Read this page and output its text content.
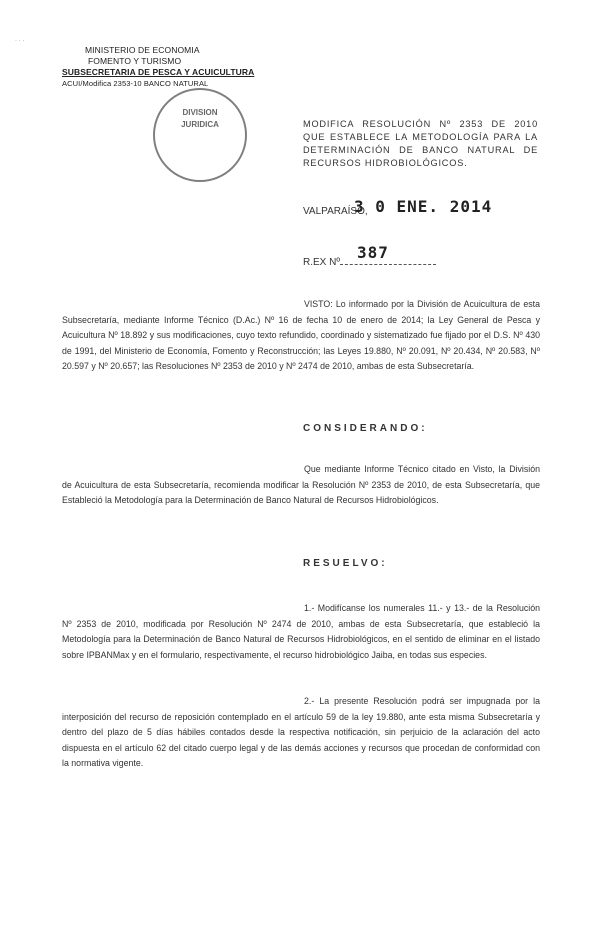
· · ·
MINISTERIO DE ECONOMIA
FOMENTO Y TURISMO
SUBSECRETARIA DE PESCA Y ACUICULTURA
ACUI/Modifica 2353-10 BANCO NATURAL
DIVISION
JURIDICA	MODIFICA RESOLUCIÓN Nº 2353 DE 2010 QUE ESTABLECE LA METODOLOGÍA PARA LA DETERMINACIÓN DE BANCO NATURAL DE RECURSOS HIDROBIOLÓGICOS.
VALPARAÍSO,
3 0 ENE. 2014
387
R.EX Nº
VISTO: Lo informado por la División de Acuicultura de esta Subsecretaría, mediante Informe Técnico (D.Ac.) Nº 16 de fecha 10 de enero de 2014; la Ley General de Pesca y Acuicultura Nº 18.892 y sus modificaciones, cuyo texto refundido, coordinado y sistematizado fue fijado por el D.S. Nº 430 de 1991, del Ministerio de Economía, Fomento y Reconstrucción; las Leyes 19.880, Nº 20.091, Nº 20.434, Nº 20.583, Nº 20.597 y Nº 20.657; las Resoluciones Nº 2353 de 2010 y Nº 2474 de 2010, ambas de esta Subsecretaría.
CONSIDERANDO:
Que mediante Informe Técnico citado en Visto, la División de Acuicultura de esta Subsecretaría, recomienda modificar la Resolución Nº 2353 de 2010, de esta Subsecretaría, que Estableció la Metodología para la Determinación de Banco Natural de Recursos Hidrobiológicos.
RESUELVO:
1.- Modifícanse los numerales 11.- y 13.- de la Resolución Nº 2353 de 2010, modificada por Resolución Nº 2474 de 2010, ambas de esta Subsecretaría, que estableció la Metodología para la Determinación de Banco Natural de Recursos Hidrobiológicos, en el sentido de eliminar en el listado sobre IPBANMax y en el formulario, respectivamente, el recurso hidrobiológico Jaiba, en todas sus especies.
2.- La presente Resolución podrá ser impugnada por la interposición del recurso de reposición contemplado en el artículo 59 de la ley 19.880, ante esta misma Subsecretaría y dentro del plazo de 5 días hábiles contados desde la respectiva notificación, sin perjuicio de la aclaración del acto dispuesta en el artículo 62 del citado cuerpo legal y de las demás acciones y recursos que procedan de conformidad con la normativa vigente.
